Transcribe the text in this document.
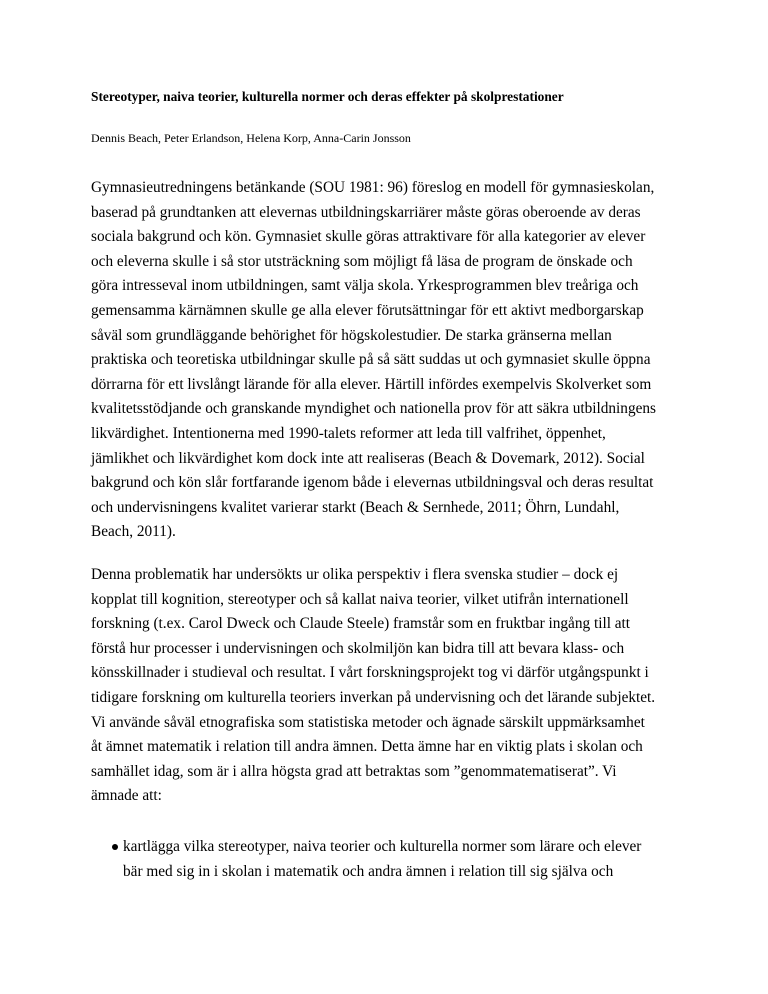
Stereotyper, naiva teorier, kulturella normer och deras effekter på skolprestationer

Dennis Beach, Peter Erlandson, Helena Korp, Anna-Carin Jonsson

Gymnasieutredningens betänkande (SOU 1981: 96) föreslog en modell för gymnasieskolan,
baserad på grundtanken att elevernas utbildningskarriärer måste göras oberoende av deras
sociala bakgrund och kön. Gymnasiet skulle göras attraktivare för alla kategorier av elever
och eleverna skulle i så stor utsträckning som möjligt få läsa de program de önskade och
göra intresseval inom utbildningen, samt välja skola. Yrkesprogrammen blev treåriga och
gemensamma kärnämnen skulle ge alla elever förutsättningar för ett aktivt medborgarskap
såväl som grundläggande behörighet för högskolestudier. De starka gränserna mellan
praktiska och teoretiska utbildningar skulle på så sätt suddas ut och gymnasiet skulle öppna
dörrarna för ett livslångt lärande för alla elever. Härtill infördes exempelvis Skolverket som
kvalitetsstödjande och granskande myndighet och nationella prov för att säkra utbildningens
likvärdighet. Intentionerna med 1990-talets reformer att leda till valfrihet, öppenhet,
jämlikhet och likvärdighet kom dock inte att realiseras (Beach & Dovemark, 2012). Social
bakgrund och kön slår fortfarande igenom både i elevernas utbildningsval och deras resultat
och undervisningens kvalitet varierar starkt (Beach & Sernhede, 2011; Öhrn, Lundahl,
Beach, 2011).

Denna problematik har undersökts ur olika perspektiv i flera svenska studier – dock ej
kopplat till kognition, stereotyper och så kallat naiva teorier, vilket utifrån internationell
forskning (t.ex. Carol Dweck och Claude Steele) framstår som en fruktbar ingång till att
förstå hur processer i undervisningen och skolmiljön kan bidra till att bevara klass- och
könsskillnader i studieval och resultat. I vårt forskningsprojekt tog vi därför utgångspunkt i
tidigare forskning om kulturella teoriers inverkan på undervisning och det lärande subjektet.
Vi använde såväl etnografiska som statistiska metoder och ägnade särskilt uppmärksamhet
åt ämnet matematik i relation till andra ämnen. Detta ämne har en viktig plats i skolan och
samhället idag, som är i allra högsta grad att betraktas som ”genommatematiserat”. Vi
ämnade att:

kartlägga vilka stereotyper, naiva teorier och kulturella normer som lärare och elever
bär med sig in i skolan i matematik och andra ämnen i relation till sig själva och
